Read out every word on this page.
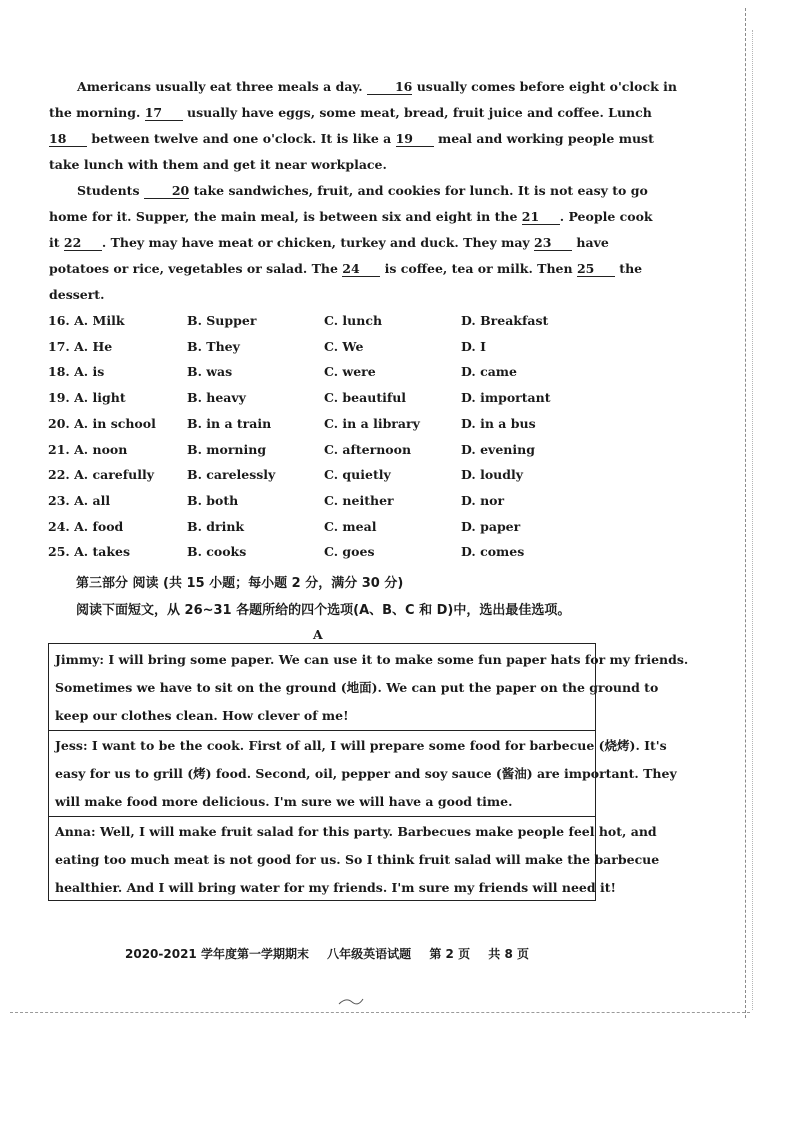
Americans usually eat three meals a day. 16 usually comes before eight o'clock in
the morning. 17 usually have eggs, some meat, bread, fruit juice and coffee. Lunch
18 between twelve and one o'clock. It is like a 19 meal and working people must
take lunch with them and get it near workplace.
Students 20 take sandwiches, fruit, and cookies for lunch. It is not easy to go
home for it. Supper, the main meal, is between six and eight in the 21 . People cook
it 22 . They may have meat or chicken, turkey and duck. They may 23 have
potatoes or rice, vegetables or salad. The 24 is coffee, tea or milk. Then 25 the
dessert.
16. A. Milk	B. Supper	C. lunch	D. Breakfast
17. A. He	B. They	C. We	D. I
18. A. is	B. was	C. were	D. came
19. A. light	B. heavy	C. beautiful	D. important
20. A. in school B. in a train	C. in a library	D. in a bus
21. A. noon	B. morning	C. afternoon	D. evening
22. A. carefully	B. carelessly	C. quietly	D. loudly
23. A. all	B. both	C. neither	D. nor
24. A. food	B. drink	C. meal	D. paper
25. A. takes	B. cooks	C. goes	D. comes
第三部分 阅读 (共 15 小题；每小题 2 分，满分 30 分)
阅读下面短文，从 26~31 各题所给的四个选项(A、B、C 和 D)中，选出最佳选项。
A
Jimmy: I will bring some paper. We can use it to make some fun paper hats for my friends.
Sometimes we have to sit on the ground (地面). We can put the paper on the ground to
keep our clothes clean. How clever of me!
Jess: I want to be the cook. First of all, I will prepare some food for barbecue (烧烤). It's
easy for us to grill (烤) food. Second, oil, pepper and soy sauce (酱油) are important. They
will make food more delicious. I'm sure we will have a good time.
Anna: Well, I will make fruit salad for this party. Barbecues make people feel hot, and
eating too much meat is not good for us. So I think fruit salad will make the barbecue
healthier. And I will bring water for my friends. I'm sure my friends will need it!
2020-2021 学年度第一学期期末 八年级英语试题 第 2 页 共 8 页
